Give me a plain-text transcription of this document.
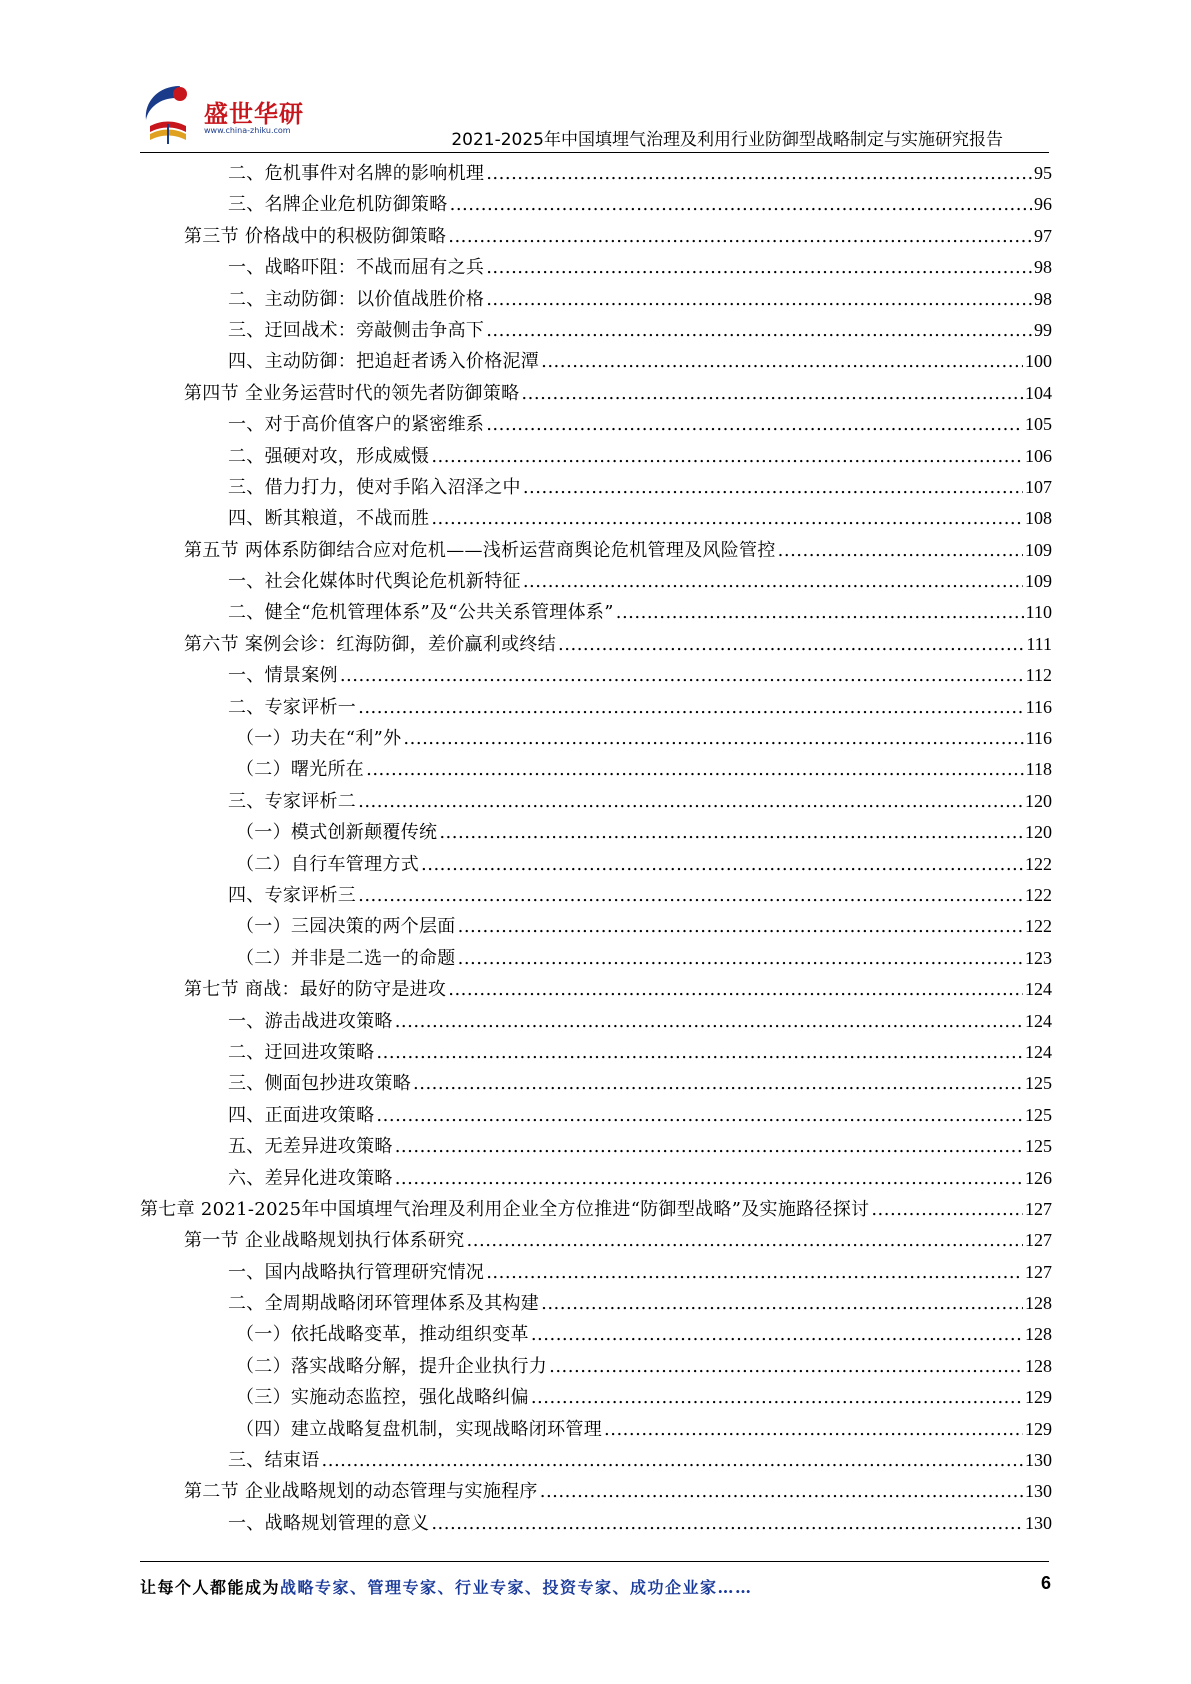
盛世华研
www.china-zhiku.com	2021-2025年中国填埋气治理及利用行业防御型战略制定与实施研究报告
二、危机事件对名牌的影响机理 .....	95
三、名牌企业危机防御策略 .....	96
第三节 价格战中的积极防御策略 .....	97
一、战略吓阻：不战而屈有之兵 .....	98
二、主动防御：以价值战胜价格 .....	98
三、迂回战术：旁敲侧击争高下 .....	99
四、主动防御：把追赶者诱入价格泥潭 .....	100
第四节 全业务运营时代的领先者防御策略 .....	104
一、对于高价值客户的紧密维系 .....	105
二、强硬对攻，形成威慑 .....	106
三、借力打力，使对手陷入沼泽之中 .....	107
四、断其粮道，不战而胜 .....	108
第五节 两体系防御结合应对危机——浅析运营商舆论危机管理及风险管控 .....	109
一、社会化媒体时代舆论危机新特征 .....	109
二、健全“危机管理体系”及“公共关系管理体系” .....	110
第六节 案例会诊：红海防御，差价赢利或终结 .....	111
一、情景案例 .....	112
二、专家评析一 .....	116
（一）功夫在“利”外 .....	116
（二）曙光所在 .....	118
三、专家评析二 .....	120
（一）模式创新颠覆传统 .....	120
（二）自行车管理方式 .....	122
四、专家评析三 .....	122
（一）三园决策的两个层面 .....	122
（二）并非是二选一的命题 .....	123
第七节 商战：最好的防守是进攻 .....	124
一、游击战进攻策略 .....	124
二、迂回进攻策略 .....	124
三、侧面包抄进攻策略 .....	125
四、正面进攻策略 .....	125
五、无差异进攻策略 .....	125
六、差异化进攻策略 .....	126
第七章 2021-2025年中国填埋气治理及利用企业全方位推进“防御型战略”及实施路径探讨 .....	127
第一节 企业战略规划执行体系研究 .....	127
一、国内战略执行管理研究情况 .....	127
二、全周期战略闭环管理体系及其构建 .....	128
（一）依托战略变革，推动组织变革 .....	128
（二）落实战略分解，提升企业执行力 .....	128
（三）实施动态监控，强化战略纠偏 .....	129
（四）建立战略复盘机制，实现战略闭环管理 .....	129
三、结束语 .....	130
第二节 企业战略规划的动态管理与实施程序 .....	130
一、战略规划管理的意义 .....	130
让每个人都能成为战略专家、管理专家、行业专家、投资专家、成功企业家……	6
